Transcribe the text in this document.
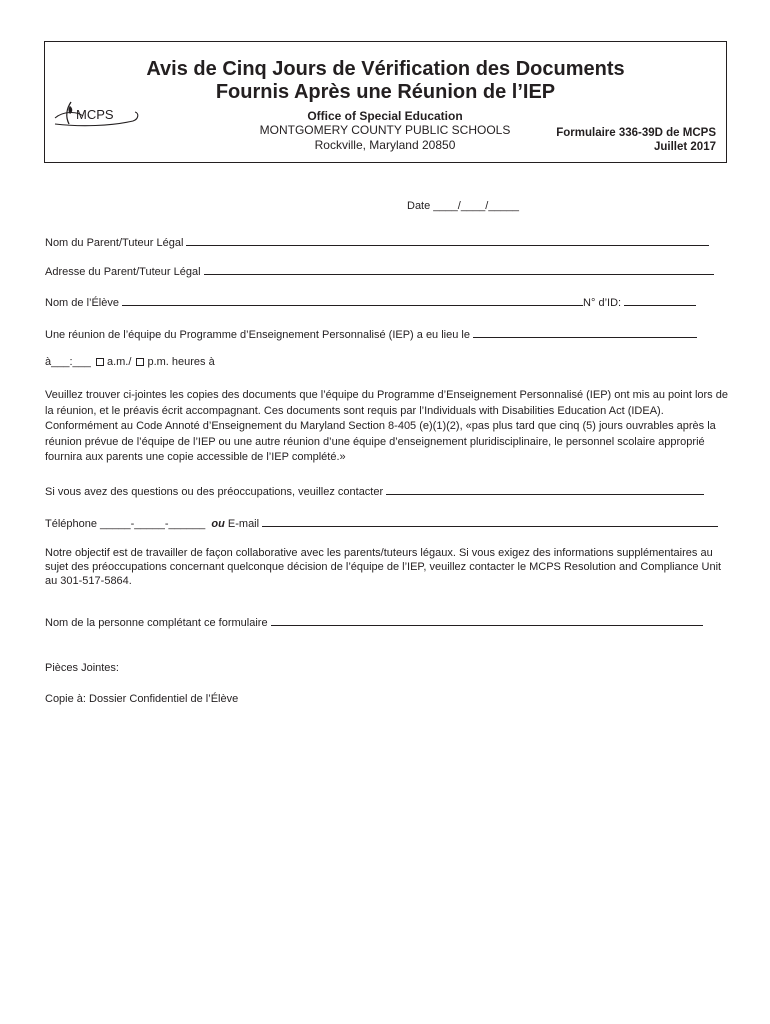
Avis de Cinq Jours de Vérification des Documents
Fournis Après une Réunion de l’IEP
MCPS	Office of Special Education
MONTGOMERY COUNTY PUBLIC SCHOOLS
Rockville, Maryland 20850
Formulaire 336-39D de MCPS
Juillet 2017
Date ____/____/_____
Nom du Parent/Tuteur Légal
Adresse du Parent/Tuteur Légal
Nom de l’Élève	N° d’ID:
Une réunion de l’équipe du Programme d’Enseignement Personnalisé (IEP) a eu lieu le
à___:___ a.m./ p.m. heures à
Veuillez trouver ci-jointes les copies des documents que l’équipe du Programme d’Enseignement Personnalisé (IEP) ont mis au point lors de la réunion, et le préavis écrit accompagnant. Ces documents sont requis par l’Individuals with Disabilities Education Act (IDEA). Conformément au Code Annoté d’Enseignement du Maryland Section 8-405 (e)(1)(2), «pas plus tard que cinq (5) jours ouvrables après la réunion prévue de l’équipe de l’IEP ou une autre réunion d’une équipe d’enseignement pluridisciplinaire, le personnel scolaire approprié fournira aux parents une copie accessible de l’IEP complété.»
Si vous avez des questions ou des préoccupations, veuillez contacter
Téléphone _____-_____-______ ou E-mail
Notre objectif est de travailler de façon collaborative avec les parents/tuteurs légaux. Si vous exigez des informations supplémentaires au sujet des préoccupations concernant quelconque décision de l’équipe de l’IEP, veuillez contacter le MCPS Resolution and Compliance Unit au 301-517-5864.
Nom de la personne complétant ce formulaire
Pièces Jointes:
Copie à: Dossier Confidentiel de l’Élève
